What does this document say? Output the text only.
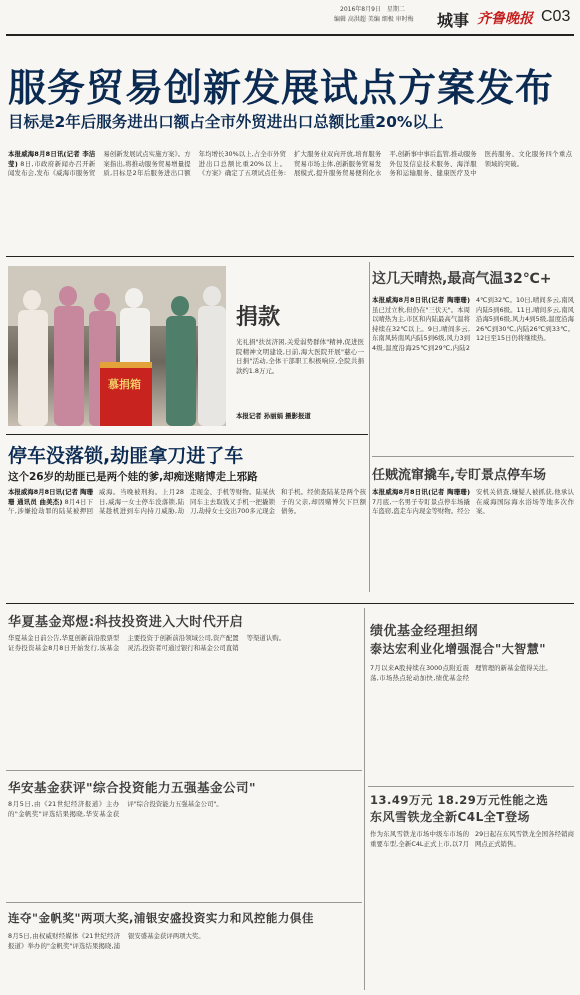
2016年8月9日 星期二
编辑 高洪超 美编 细极 审时梅 城事 齐鲁晚报 C03
服务贸易创新发展试点方案发布
目标是2年后服务进出口额占全市外贸进出口总额比重20%以上
本报威海8月8日讯(记者 李洁莹) 8日,市政府新闻办召开新闻发布会,发布《威海市服务贸易创新发展试点实施方案》。方案指出,将推动服务贸易增量提质,目标是2年后服务进出口额年均增长30%以上,占全市外贸进出口总额比重20%以上。《方案》确定了五项试点任务:扩大服务业双向开放,培育服务贸易市场主体,创新服务贸易发展模式,提升服务贸易便利化水平,创新事中事后监管,推动服务外包及信息技术服务、海洋服务和运输服务、健康医疗及中医药服务、文化服务四个重点领域的突破。
慕捐箱
捐款
光礼捐"扶贫济困,关爱弱势群体"精神,促进医院精神文明建设,日前,海大医院开展"慈心一日捐"活动,全体干部职工积极响应,全院共捐款约1.8万元。
本报记者 孙丽娟 摄影报道
这几天晴热,最高气温32℃+
本报威海8月8日讯(记者 陶珊珊) 虽已过立秋,但仍在"三伏天"。本周以晴热为主,市区和内陆最高气温将持续在32℃以上。9日,晴间多云,东南风转南风内陆5到6级,风力3到4级,温度沿海25℃到29℃,内陆24℃到32℃。10日,晴间多云,南风内陆5到6级。11日,晴间多云,南风沿海5到6级,风力4到5级,温度沿海26℃到30℃,内陆26℃到33℃。12日至15日仍将继续热。
停车没落锁,劫匪拿刀进了车
这个26岁的劫匪已是两个娃的爹,却痴迷赌博走上邪路
本报威海8月8日讯(记者 陶珊珊 通讯员 曲美杰) 8月4日下午,涉嫌抢劫罪的陆某被押回威海。当晚被刑拘。上月28日,威海一女士停车没落锁,陆某趁机进到车内持刀威胁,劫走现金、手机等财物。陆某伙同车主去取钱又手机一把撬锁刀,劫持女士交出700多元现金和手机。经侦查陆某是两个孩子的父亲,却因赌博欠下巨额债务。
任贼流窜撬车,专盯景点停车场
本报威海8月8日讯(记者 陶珊珊) 7月底,一名男子专盯景点停车场撬车盗窃,盗走车内现金等财物。经公安机关侦查,嫌疑人被抓获,他承认在威海国际海水浴场等地多次作案。
华夏基金郑煜:科技投资进入大时代开启
华夏基金日前公告,华夏创新前沿股票型证券投资基金8月8日开始发行,该基金主要投资于创新前沿领域公司,资产配置灵活,投资者可通过银行和基金公司直销等渠道认购。	绩优基金经理担纲
泰达宏利业化增强混合"大智慧"
7月以来A股持续在3000点附近震荡,市场热点轮动加快,绩优基金经理管理的新基金值得关注。
华安基金获评"综合投资能力五强基金公司"
8月5日,由《21世纪经济报道》主办的"金帆奖"评选结果揭晓,华安基金获评"综合投资能力五强基金公司"。	13.49万元 18.29万元性能之选
东风雪铁龙全新C4L全T登场
作为东风雪铁龙市场中级车市场的重要车型,全新C4L正式上市,以7月29日起在东风雪铁龙全国各经销商网点正式销售。
连夺"金帆奖"两项大奖,浦银安盛投资实力和风控能力俱佳
8月5日,由权威财经媒体《21世纪经济报道》举办的"金帆奖"评选结果揭晓,浦银安盛基金获评两项大奖。
